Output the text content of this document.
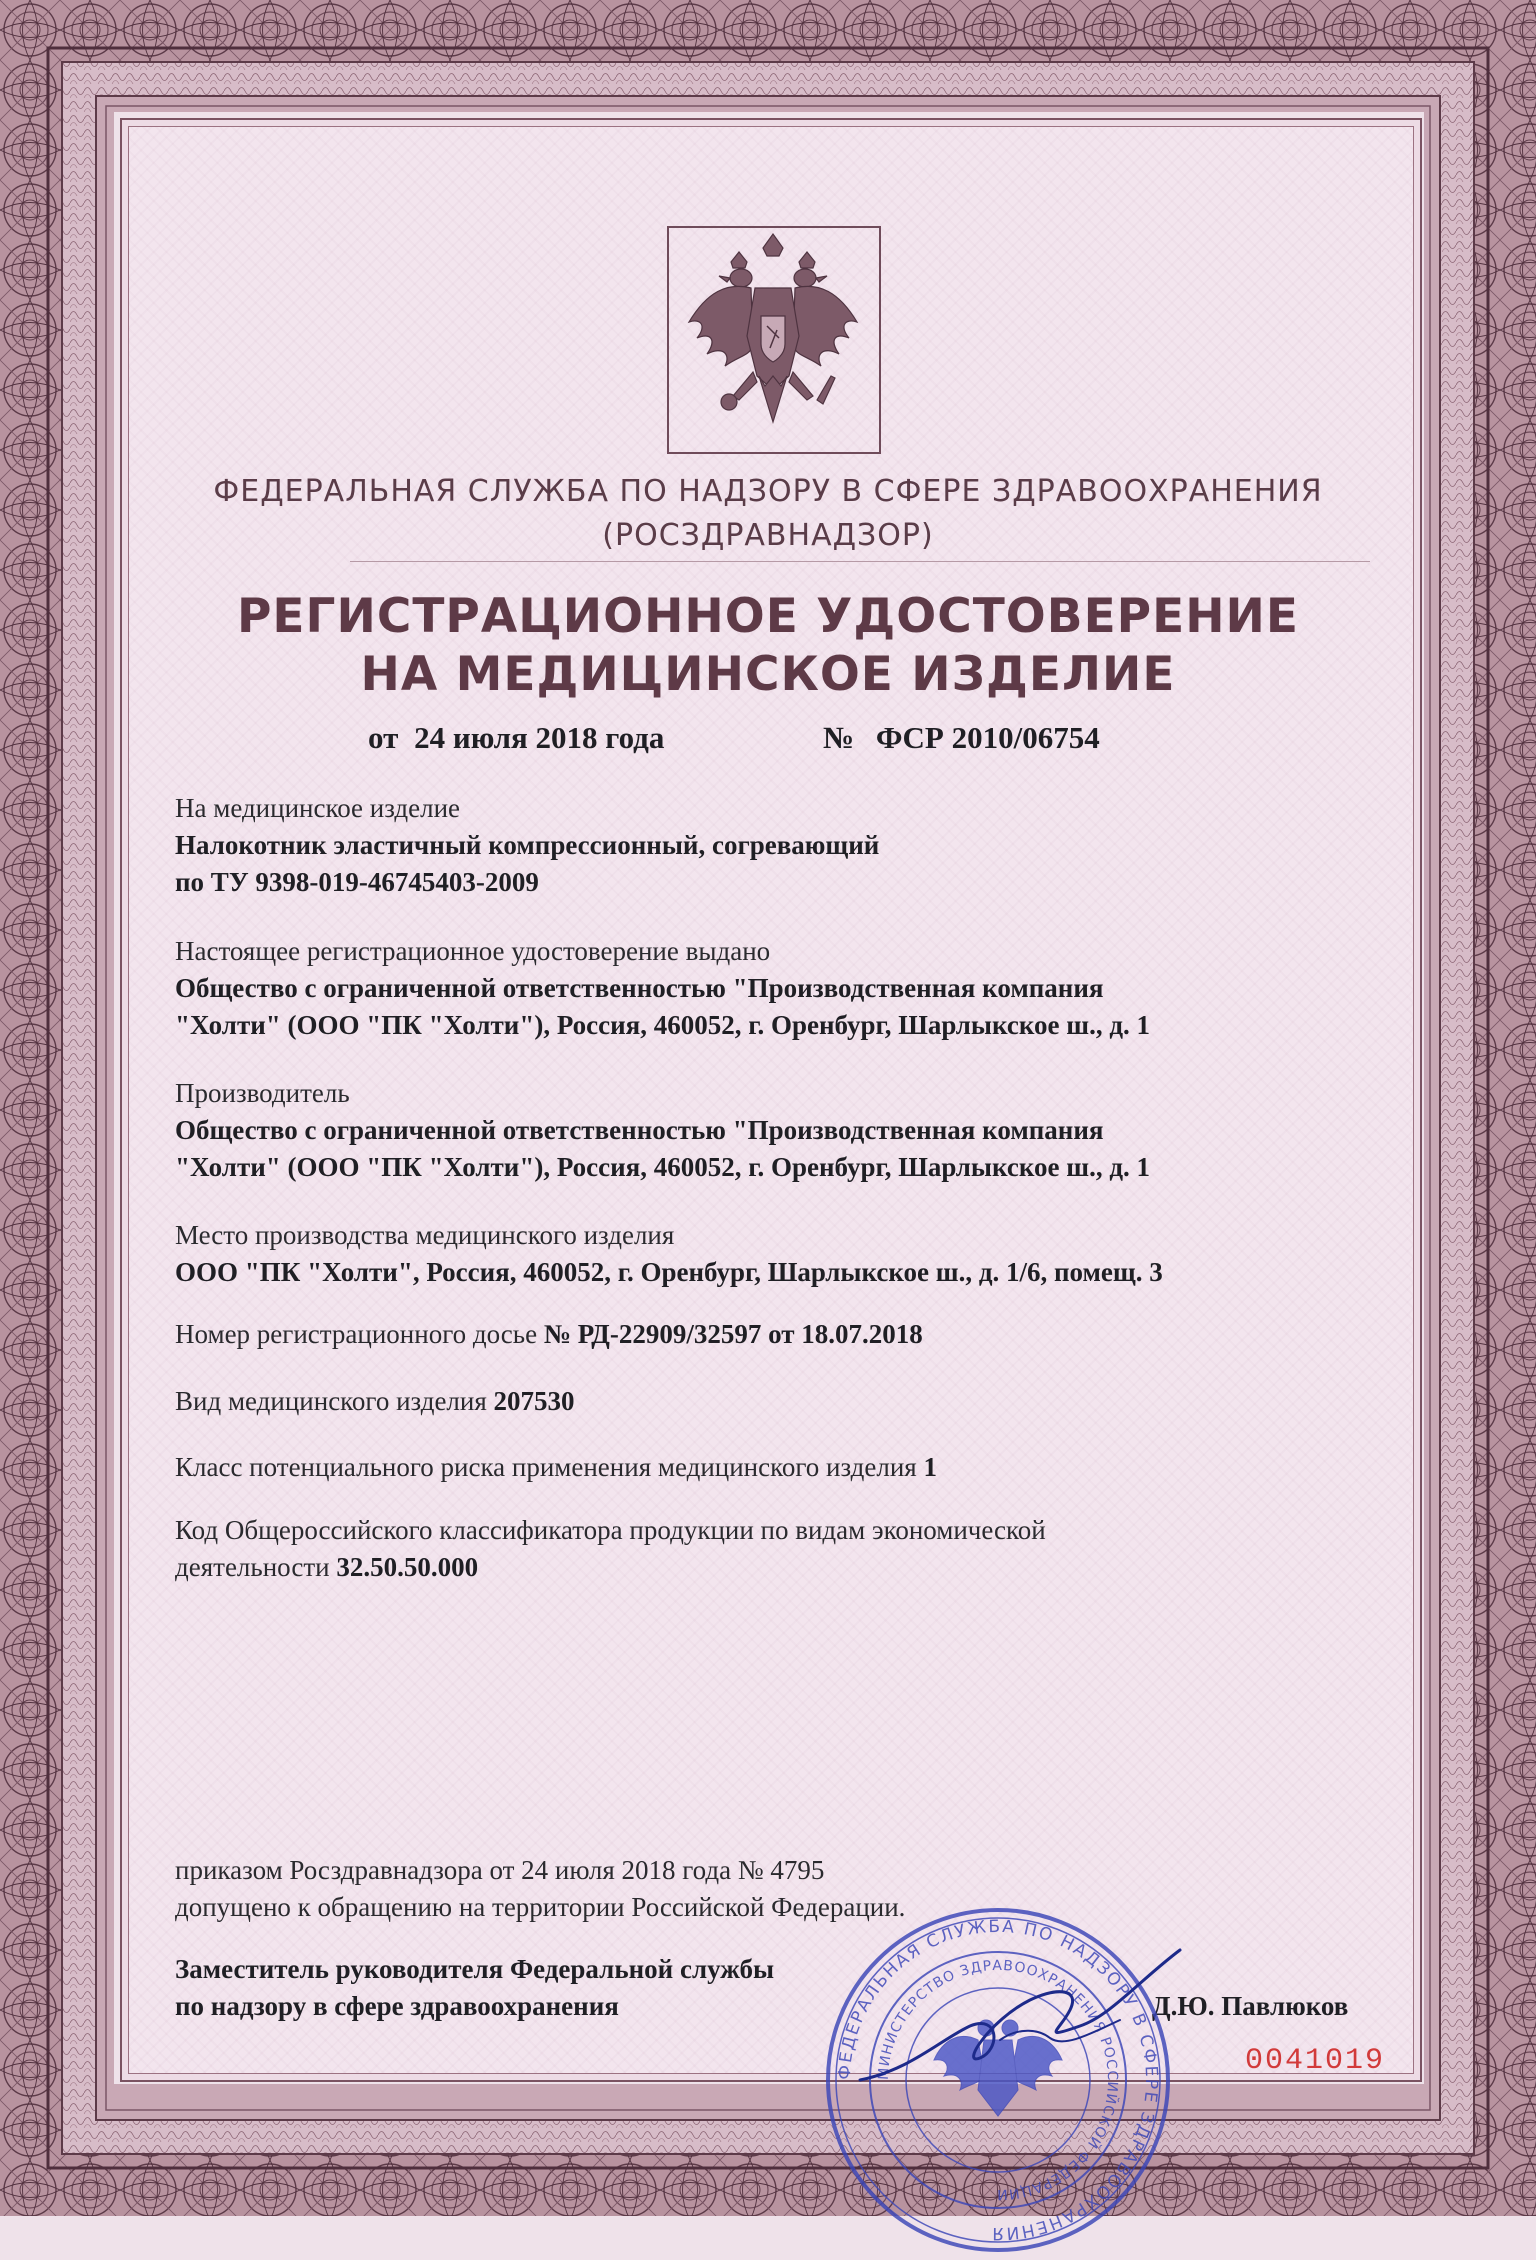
ФЕДЕРАЛЬНАЯ СЛУЖБА ПО НАДЗОРУ В СФЕРЕ ЗДРАВООХРАНЕНИЯ
(РОСЗДРАВНАДЗОР)
РЕГИСТРАЦИОННОЕ УДОСТОВЕРЕНИЕ
НА МЕДИЦИНСКОЕ ИЗДЕЛИЕ
от 24 июля 2018 года	№ ФСР 2010/06754
На медицинское изделие
Налокотник эластичный компрессионный, согревающий
по ТУ 9398-019-46745403-2009
Настоящее регистрационное удостоверение выдано
Общество с ограниченной ответственностью "Производственная компания
"Холти" (ООО "ПК "Холти"), Россия, 460052, г. Оренбург, Шарлыкское ш., д. 1
Производитель
Общество с ограниченной ответственностью "Производственная компания
"Холти" (ООО "ПК "Холти"), Россия, 460052, г. Оренбург, Шарлыкское ш., д. 1
Место производства медицинского изделия
ООО "ПК "Холти", Россия, 460052, г. Оренбург, Шарлыкское ш., д. 1/6, помещ. 3
Номер регистрационного досье № РД-22909/32597 от 18.07.2018
Вид медицинского изделия 207530
Класс потенциального риска применения медицинского изделия 1
Код Общероссийского классификатора продукции по видам экономической
деятельности 32.50.50.000
приказом Росздравнадзора от 24 июля 2018 года № 4795
допущено к обращению на территории Российской Федерации.
Заместитель руководителя Федеральной службы
по надзору в сфере здравоохранения	Д.Ю. Павлюков
ФЕДЕРАЛЬНАЯ СЛУЖБА ПО НАДЗОРУ В СФЕРЕ ЗДРАВООХРАНЕНИЯ
МИНИСТЕРСТВО ЗДРАВООХРАНЕНИЯ РОССИЙСКОЙ ФЕДЕРАЦИИ
0041019
